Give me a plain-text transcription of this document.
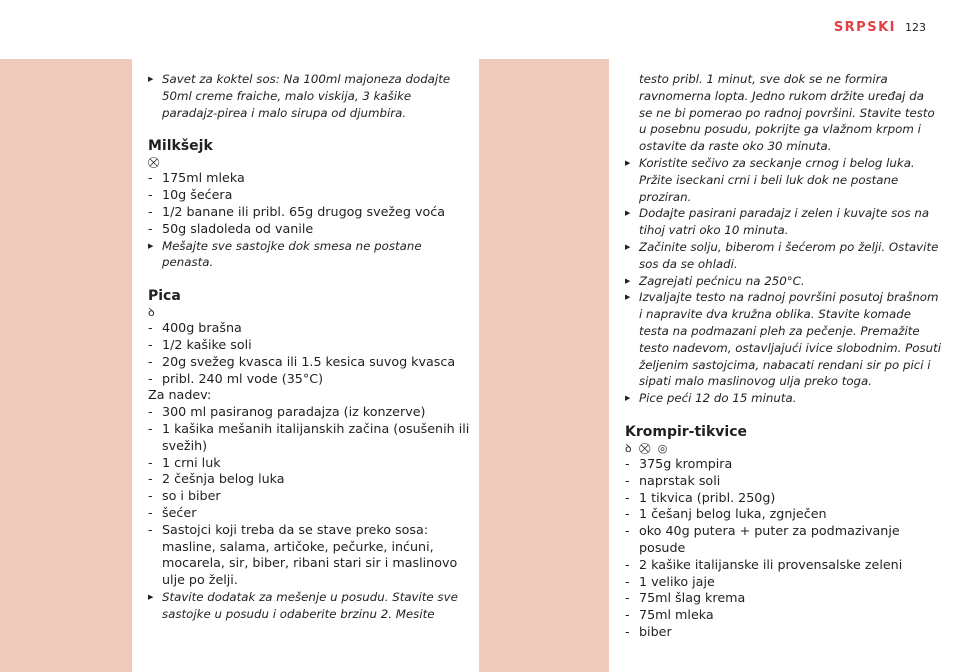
SRPSKI 123
▶ Savet za koktel sos: Na 100ml majoneza dodajte
50ml creme fraiche, malo viskija, 3 kašike
paradajz-pirea i malo sirupa od djumbira.
Milkšejk
⛒
- 175ml mleka
- 10g šećera
- 1/2 banane ili pribl. 65g drugog svežeg voća
- 50g sladoleda od vanile
▶ Mešajte sve sastojke dok smesa ne postane
penasta.
Pica
ꝺ
- 400g brašna
- 1/2 kašike soli
- 20g svežeg kvasca ili 1.5 kesica suvog kvasca
- pribl. 240 ml vode (35°C)
Za nadev:
- 300 ml pasiranog paradajza (iz konzerve)
- 1 kašika mešanih italijanskih začina (osušenih ili
svežih)
- 1 crni luk
- 2 češnja belog luka
- so i biber
- šećer
- Sastojci koji treba da se stave preko sosa:
masline, salama, artičoke, pečurke, inćuni,
mocarela, sir, biber, ribani stari sir i maslinovo
ulje po želji.
▶ Stavite dodatak za mešenje u posudu. Stavite sve
sastojke u posudu i odaberite brzinu 2. Mesite
testo pribl. 1 minut, sve dok se ne formira
ravnomerna lopta. Jedno rukom držite uređaj da
se ne bi pomerao po radnoj površini. Stavite testo
u posebnu posudu, pokrijte ga vlažnom krpom i
ostavite da raste oko 30 minuta.
▶ Koristite sečivo za seckanje crnog i belog luka.
Pržite iseckani crni i beli luk dok ne postane
proziran.
▶ Dodajte pasirani paradajz i zelen i kuvajte sos na
tihoj vatri oko 10 minuta.
▶ Začinite solju, biberom i šećerom po želji. Ostavite
sos da se ohladi.
▶ Zagrejati pećnicu na 250°C.
▶ Izvaljajte testo na radnoj površini posutoj brašnom
i napravite dva kružna oblika. Stavite komade
testa na podmazani pleh za pečenje. Premažite
testo nadevom, ostavljajući ivice slobodnim. Posuti
željenim sastojcima, nabacati rendani sir po pici i
sipati malo maslinovog ulja preko toga.
▶ Pice peći 12 do 15 minuta.
Krompir-tikvice
ꝺ ⛒ ◎
- 375g krompira
- naprstak soli
- 1 tikvica (pribl. 250g)
- 1 češanj belog luka, zgnječen
- oko 40g putera + puter za podmazivanje
posude
- 2 kašike italijanske ili provensalske zeleni
- 1 veliko jaje
- 75ml šlag krema
- 75ml mleka
- biber
